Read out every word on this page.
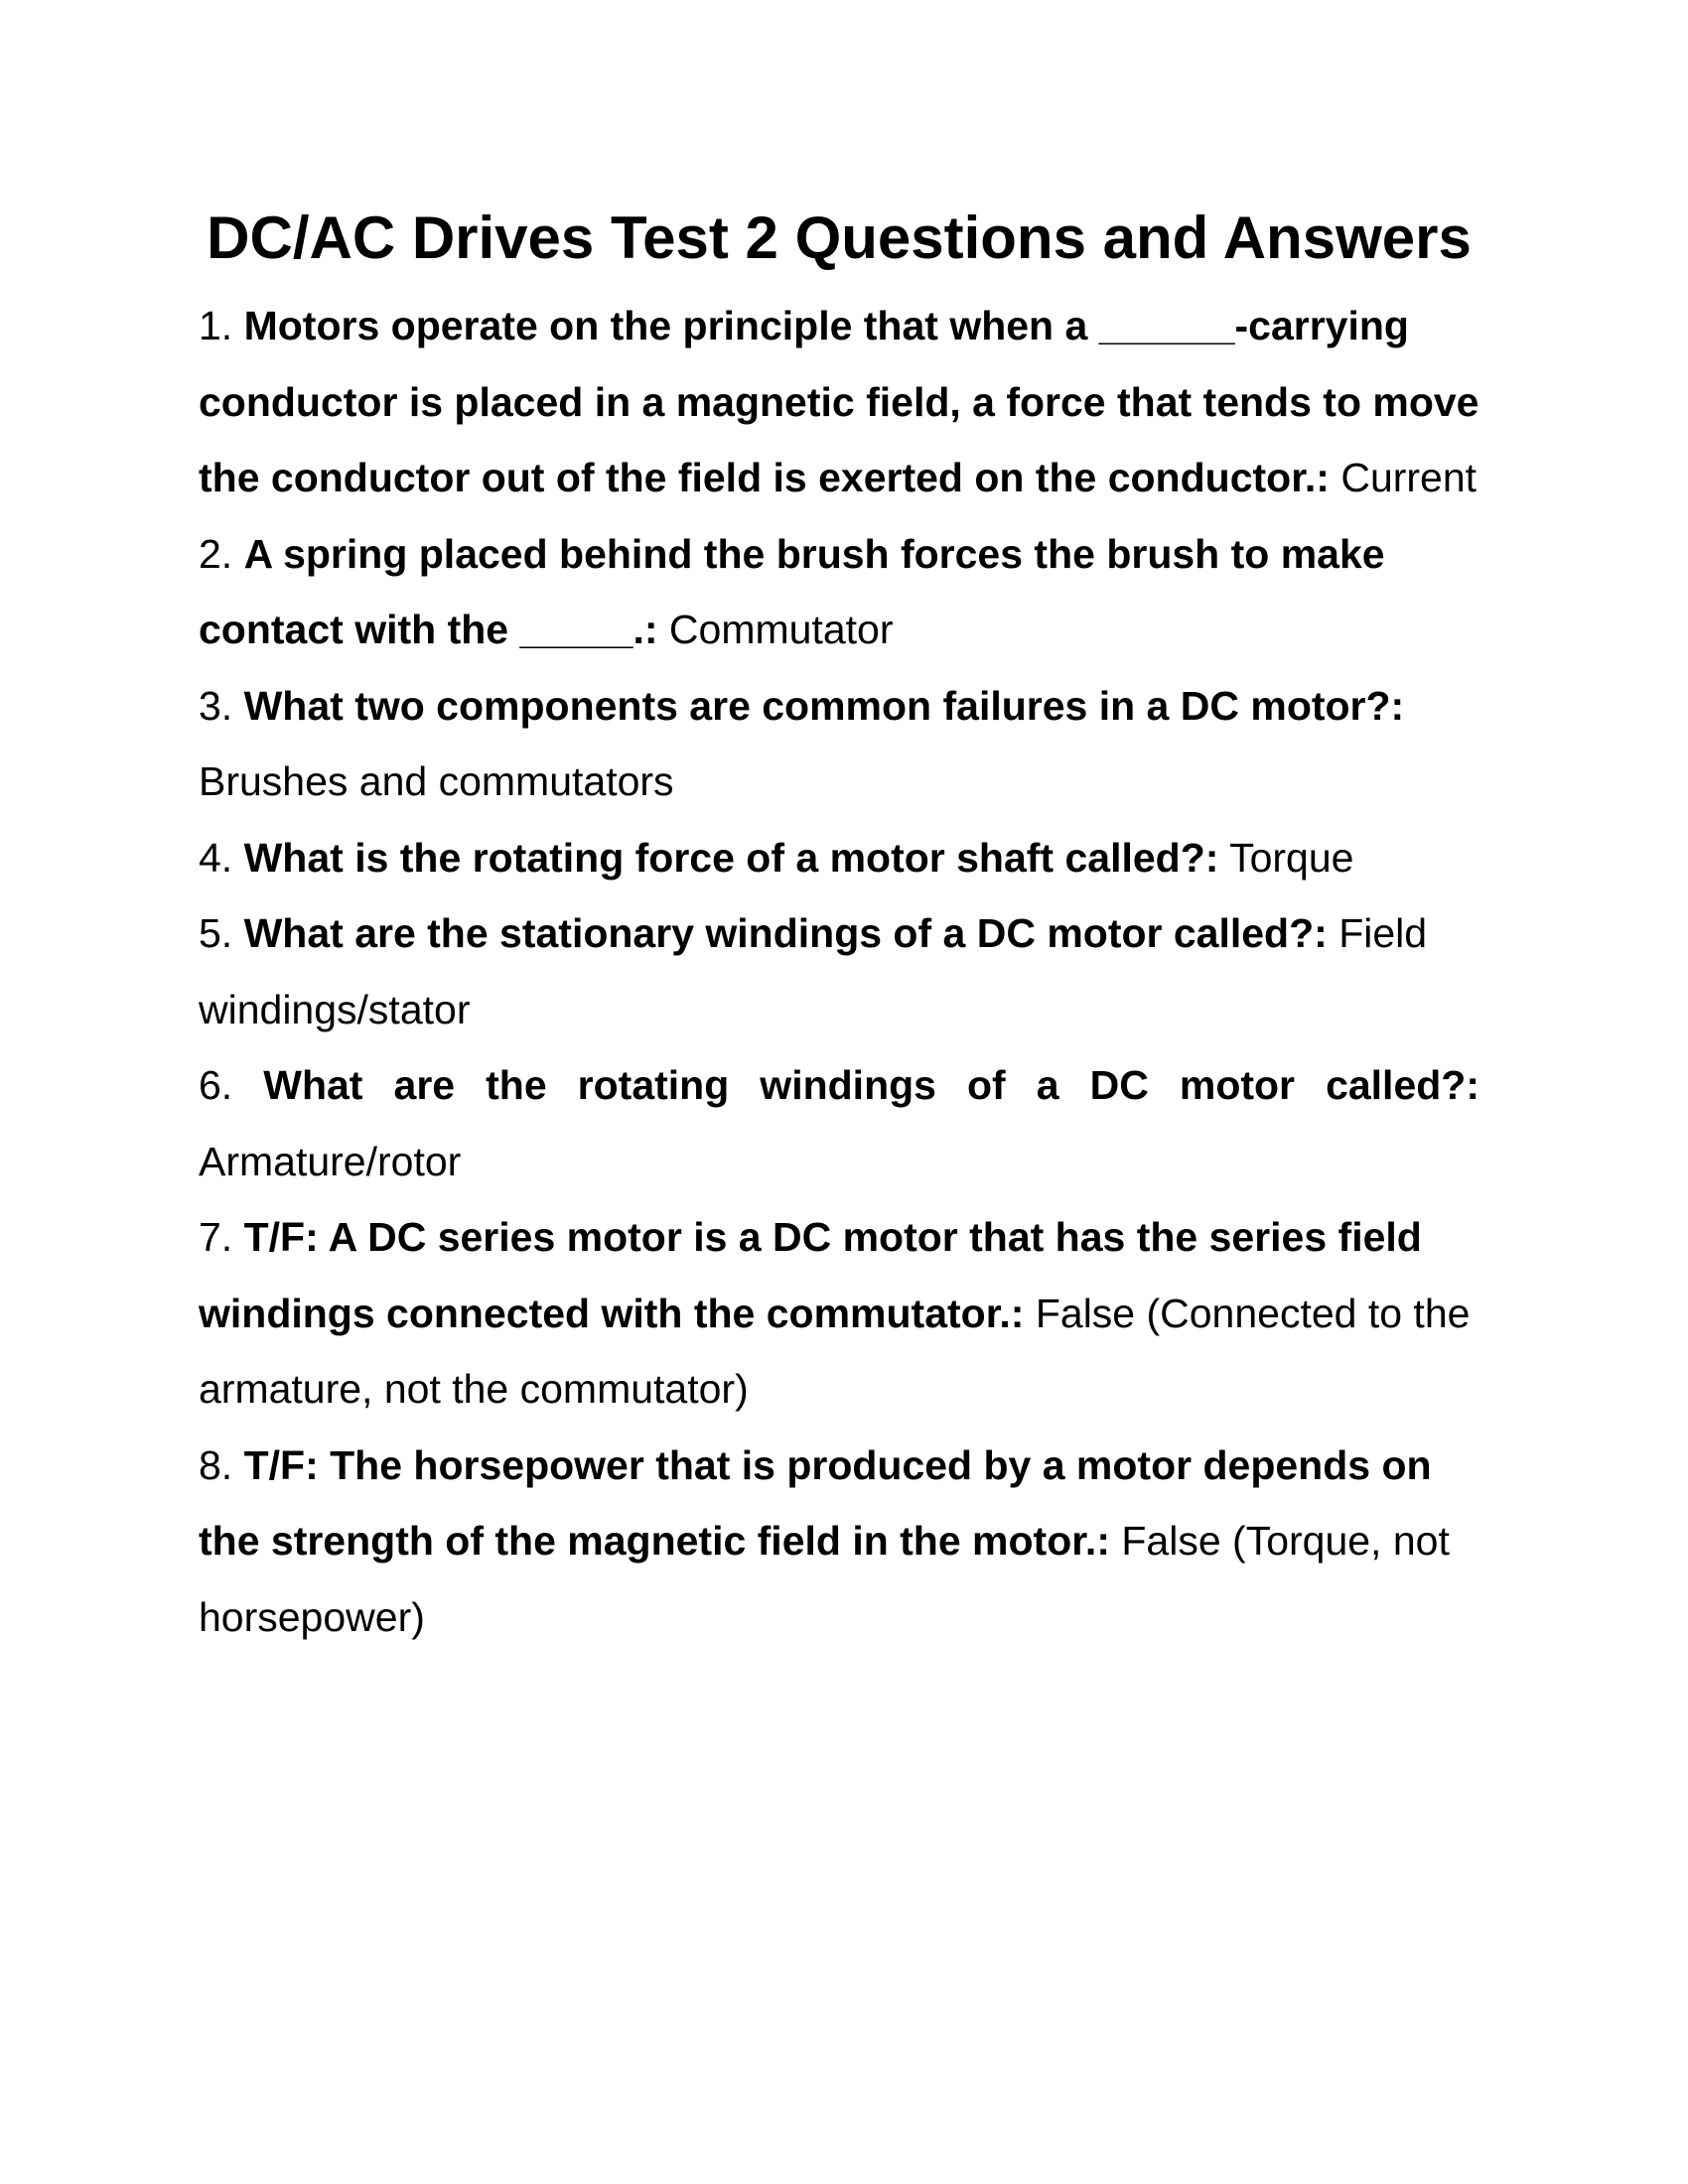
DC/AC Drives Test 2 Questions and Answers

1. Motors operate on the principle that when a ______-carrying conductor is placed in a magnetic field, a force that tends to move the conductor out of the field is exerted on the conductor.: Current

2. A spring placed behind the brush forces the brush to make contact with the _____.: Commutator

3. What two components are common failures in a DC motor?: Brushes and commutators

4. What is the rotating force of a motor shaft called?: Torque

5. What are the stationary windings of a DC motor called?: Field windings/stator

6. What are the rotating windings of a DC motor called?: Armature/rotor

7. T/F: A DC series motor is a DC motor that has the series field windings connected with the commutator.: False (Connected to the armature, not the commutator)

8. T/F: The horsepower that is produced by a motor depends on the strength of the magnetic field in the motor.: False (Torque, not horsepower)
